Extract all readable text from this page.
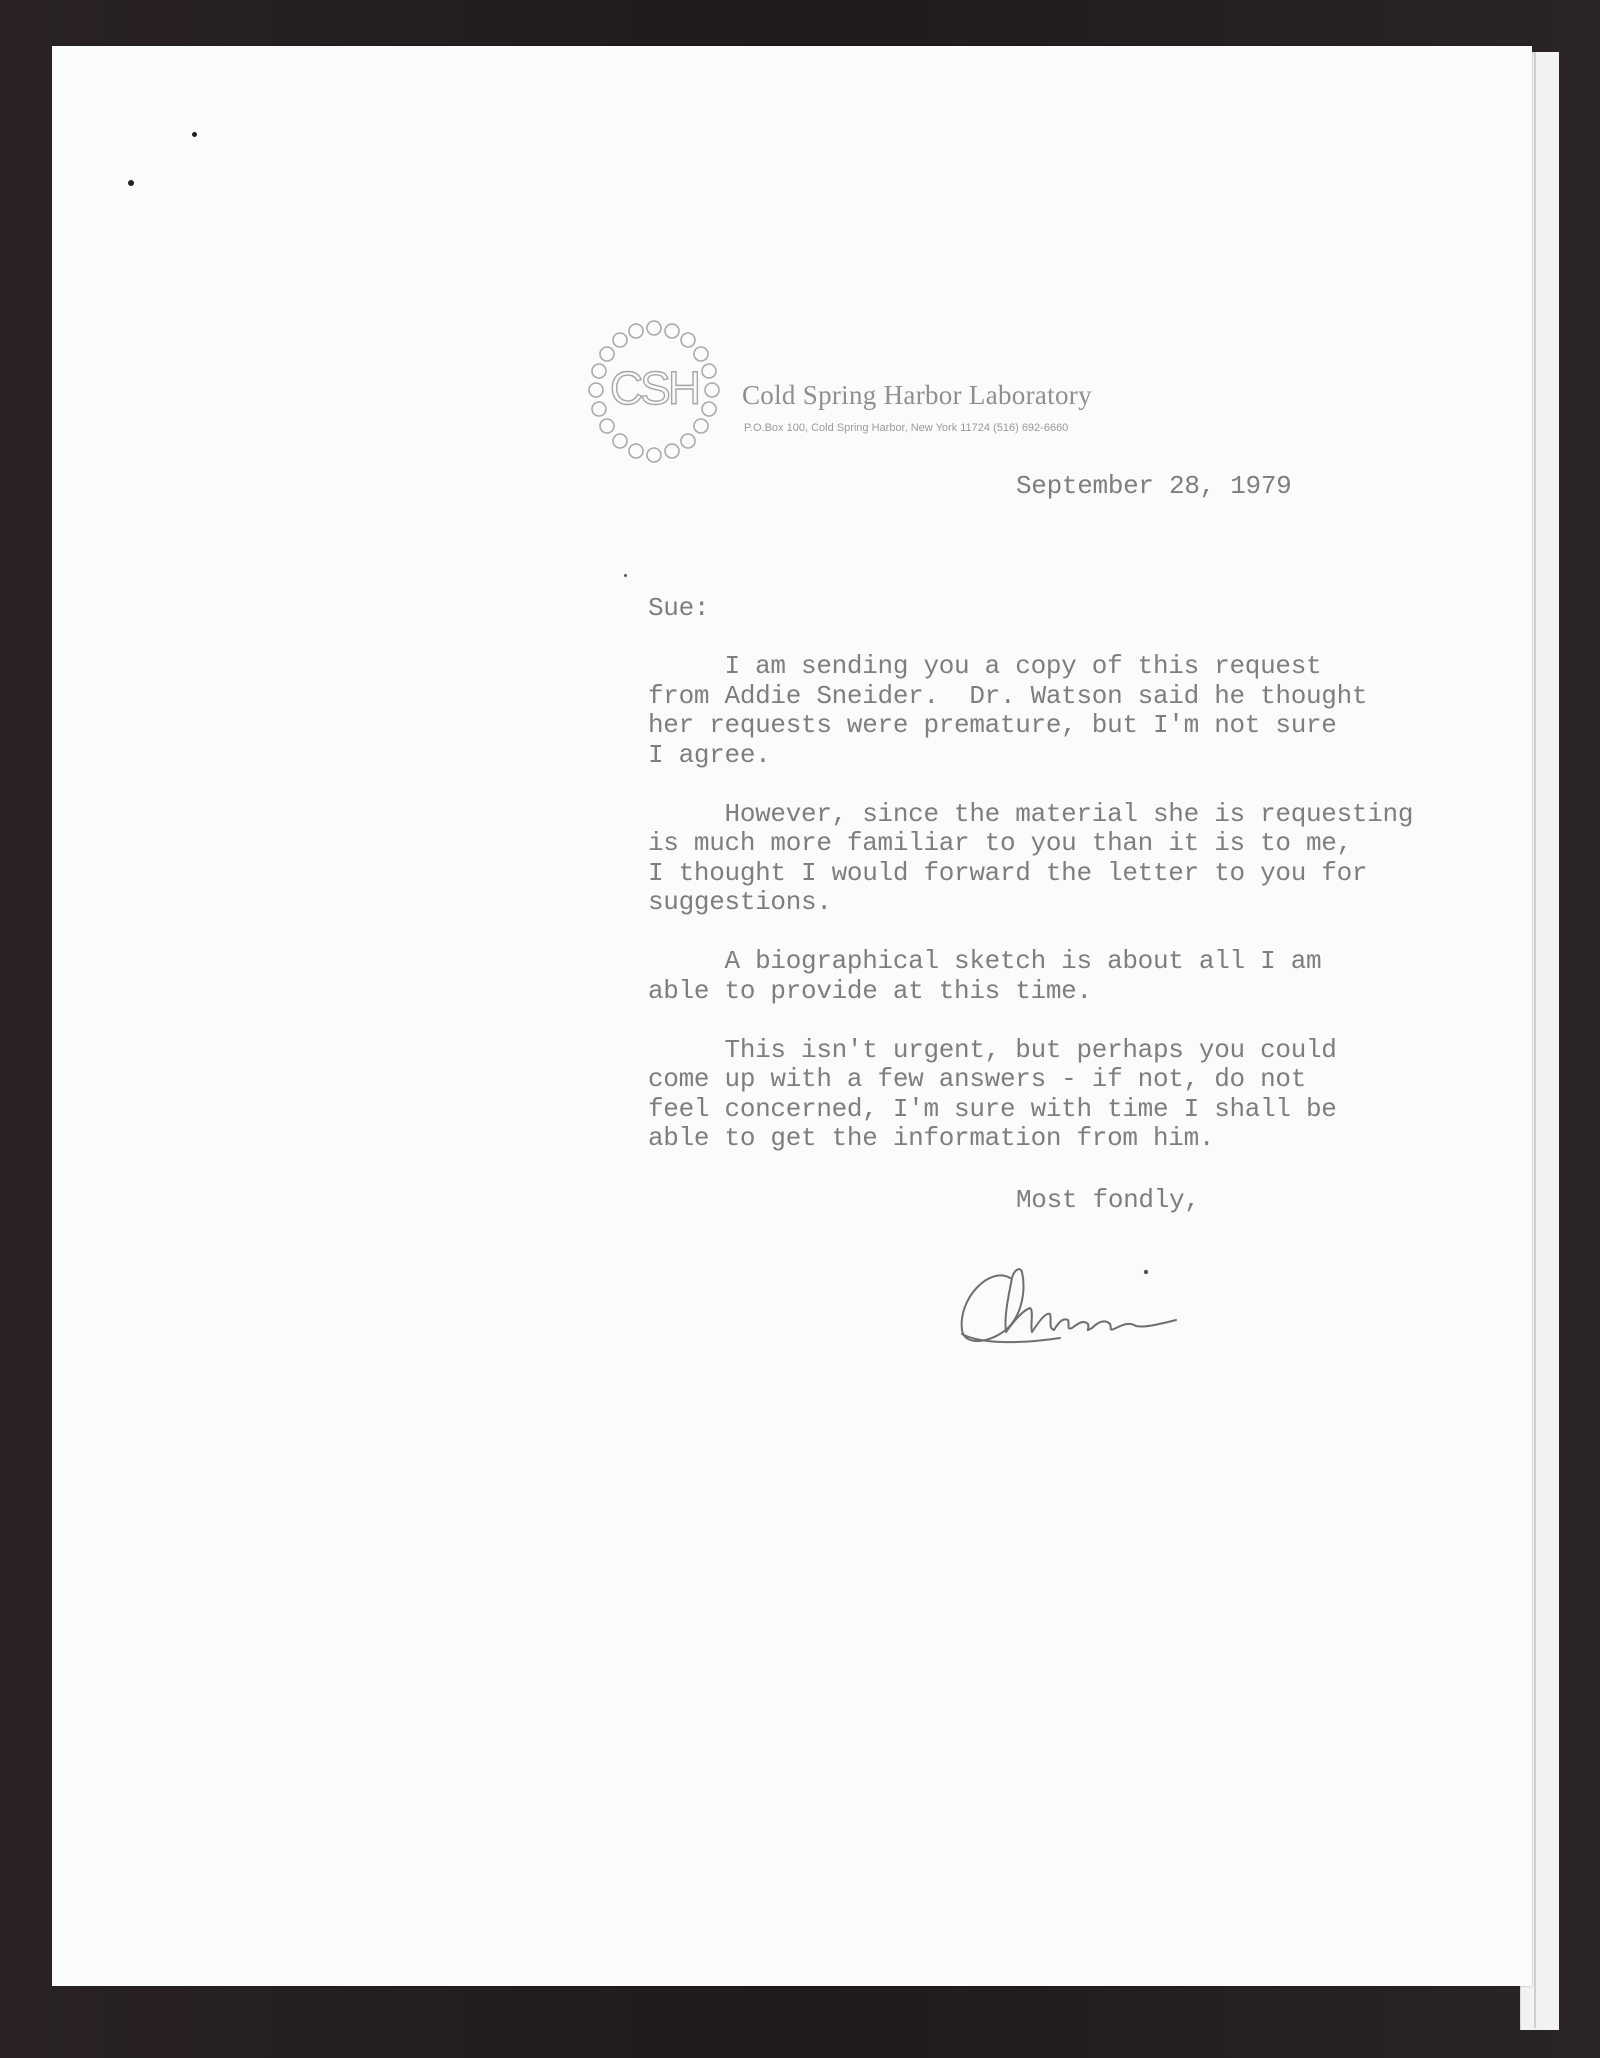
CSH Cold Spring Harbor Laboratory
P.O.Box 100, Cold Spring Harbor, New York 11724 (516) 692-6660
September 28, 1979
Sue:

I am sending you a copy of this request
from Addie Sneider.  Dr. Watson said he thought
her requests were premature, but I'm not sure
I agree.

However, since the material she is requesting
is much more familiar to you than it is to me,
I thought I would forward the letter to you for
suggestions.

A biographical sketch is about all I am
able to provide at this time.

This isn't urgent, but perhaps you could
come up with a few answers - if not, do not
feel concerned, I'm sure with time I shall be
able to get the information from him.

Most fondly,
